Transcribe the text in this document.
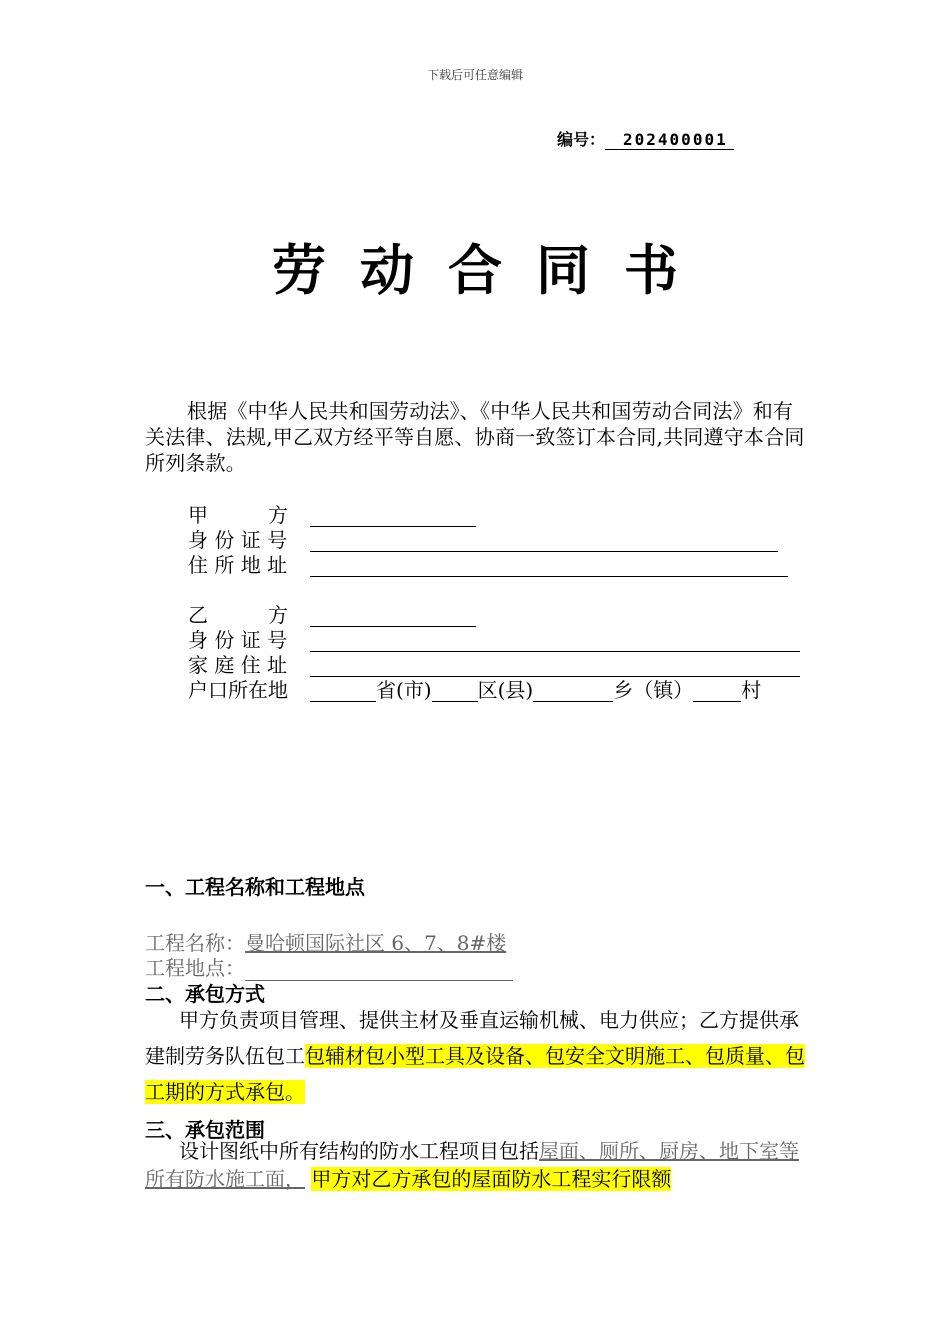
下载后可任意编辑
编号： 202400001
劳动合同书
根据《中华人民共和国劳动法》、《中华人民共和国劳动合同法》和有关法律、法规,甲乙双方经平等自愿、协商一致签订本合同,共同遵守本合同所列条款。
甲　　　方
身 份 证 号
住 所 地 址
乙　　　方
身 份 证 号
家 庭 住 址
户口所在地	省(市) 区(县)	乡（镇） 村
一、工程名称和工程地点
工程名称：曼哈顿国际社区 6、7、8#楼
工程地点：
二、承包方式
甲方负责项目管理、提供主材及垂直运输机械、电力供应；乙方提供承建制劳务队伍包工包辅材包小型工具及设备、包安全文明施工、包质量、包工期的方式承包。
三、承包范围
设计图纸中所有结构的防水工程项目包括屋面、厕所、厨房、地下室等所有防水施工面， 甲方对乙方承包的屋面防水工程实行限额
